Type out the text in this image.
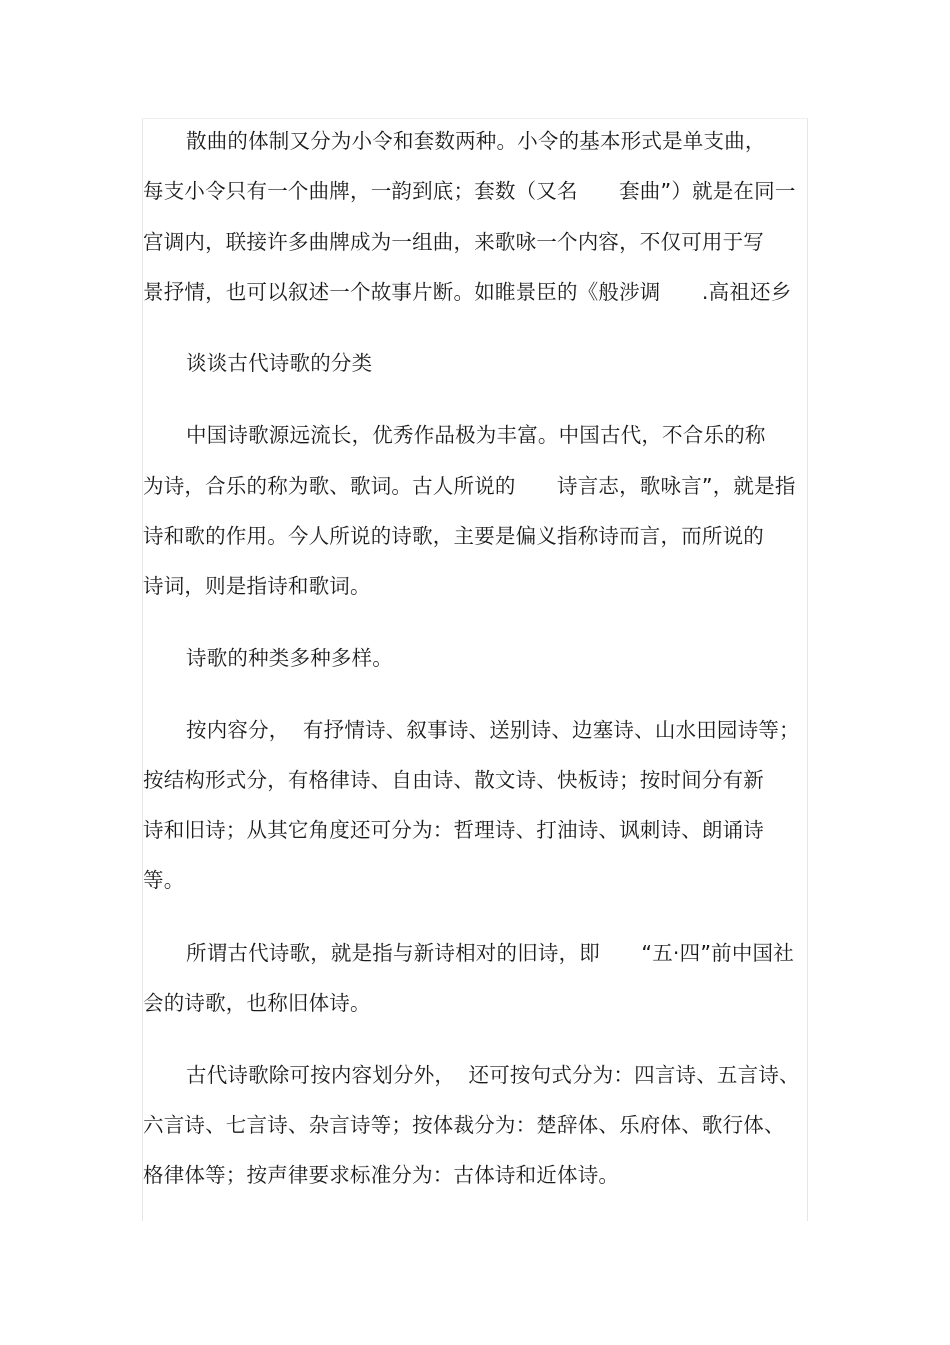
散曲的体制又分为小令和套数两种。小令的基本形式是单支曲，
每支小令只有一个曲牌，一韵到底；套数（又名　　套曲”）就是在同一
宫调内，联接许多曲牌成为一组曲，来歌咏一个内容，不仅可用于写
景抒情，也可以叙述一个故事片断。如睢景臣的《般涉调　　.高祖还乡
谈谈古代诗歌的分类
中国诗歌源远流长，优秀作品极为丰富。中国古代，不合乐的称
为诗，合乐的称为歌、歌词。古人所说的　　诗言志，歌咏言”，就是指
诗和歌的作用。今人所说的诗歌，主要是偏义指称诗而言，而所说的
诗词，则是指诗和歌词。
诗歌的种类多种多样。
按内容分，  有抒情诗、叙事诗、送别诗、边塞诗、山水田园诗等；
按结构形式分，有格律诗、自由诗、散文诗、快板诗；按时间分有新
诗和旧诗；从其它角度还可分为：哲理诗、打油诗、讽刺诗、朗诵诗
等。
所谓古代诗歌，就是指与新诗相对的旧诗，即　　“五·四”前中国社
会的诗歌，也称旧体诗。
古代诗歌除可按内容划分外，  还可按句式分为：四言诗、五言诗、
六言诗、七言诗、杂言诗等；按体裁分为：楚辞体、乐府体、歌行体、
格律体等；按声律要求标准分为：古体诗和近体诗。
